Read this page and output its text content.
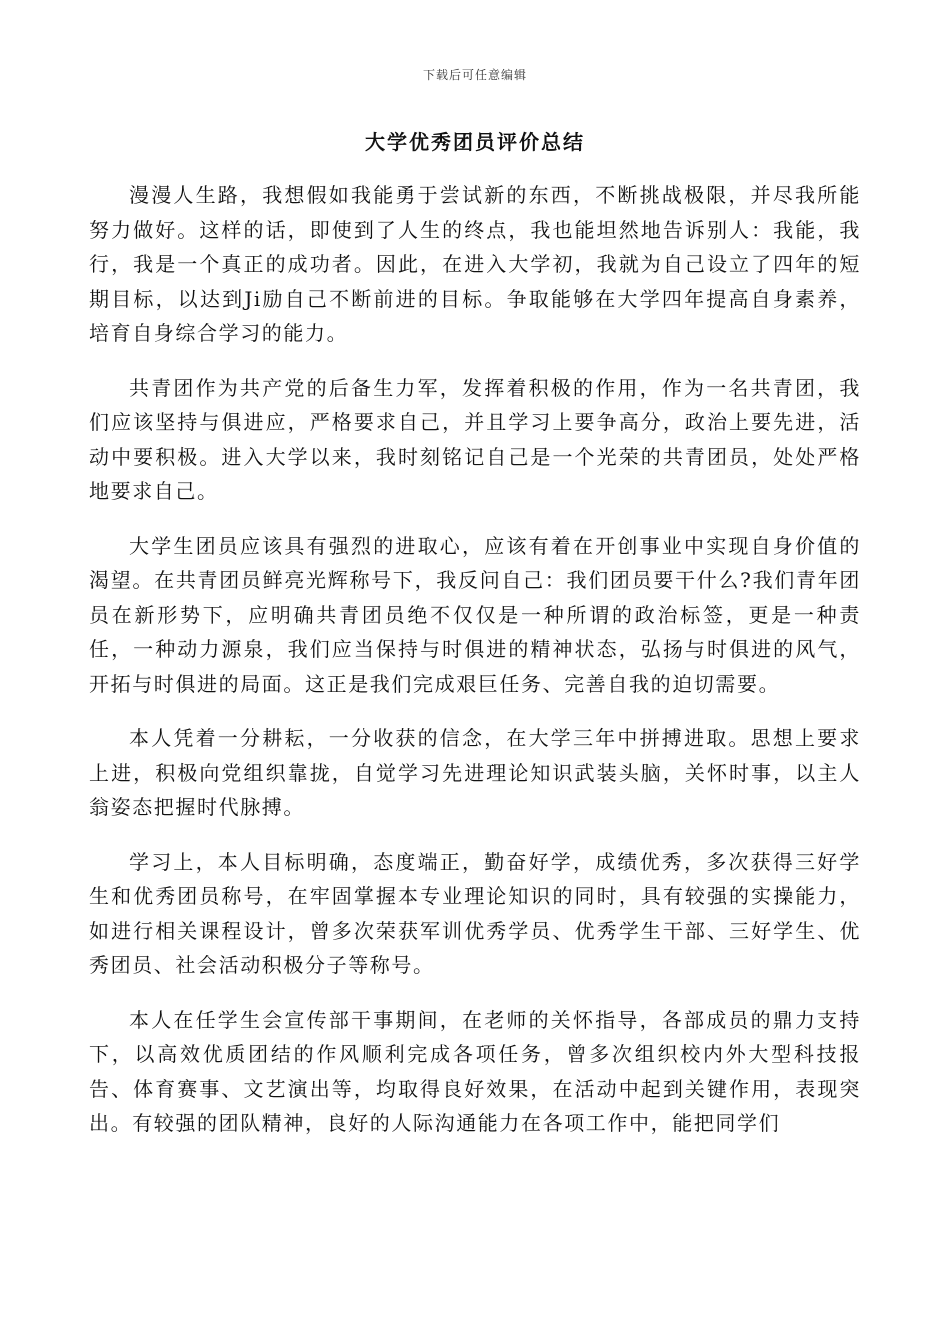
下载后可任意编辑
大学优秀团员评价总结

漫漫人生路，我想假如我能勇于尝试新的东西，不断挑战极限，并尽我所能努力做好。这样的话，即使到了人生的终点，我也能坦然地告诉别人：我能，我行，我是一个真正的成功者。因此，在进入大学初，我就为自己设立了四年的短期目标，以达到Ji励自己不断前进的目标。争取能够在大学四年提高自身素养，培育自身综合学习的能力。

共青团作为共产党的后备生力军，发挥着积极的作用，作为一名共青团，我们应该坚持与俱进应，严格要求自己，并且学习上要争高分，政治上要先进，活动中要积极。进入大学以来，我时刻铭记自己是一个光荣的共青团员，处处严格地要求自己。

大学生团员应该具有强烈的进取心，应该有着在开创事业中实现自身价值的渴望。在共青团员鲜亮光辉称号下，我反问自己：我们团员要干什么?我们青年团员在新形势下，应明确共青团员绝不仅仅是一种所谓的政治标签，更是一种责任，一种动力源泉，我们应当保持与时俱进的精神状态，弘扬与时俱进的风气，开拓与时俱进的局面。这正是我们完成艰巨任务、完善自我的迫切需要。

本人凭着一分耕耘，一分收获的信念，在大学三年中拼搏进取。思想上要求上进，积极向党组织靠拢，自觉学习先进理论知识武装头脑，关怀时事，以主人翁姿态把握时代脉搏。

学习上，本人目标明确，态度端正，勤奋好学，成绩优秀，多次获得三好学生和优秀团员称号，在牢固掌握本专业理论知识的同时，具有较强的实操能力，如进行相关课程设计，曾多次荣获军训优秀学员、优秀学生干部、三好学生、优秀团员、社会活动积极分子等称号。

本人在任学生会宣传部干事期间，在老师的关怀指导，各部成员的鼎力支持下，以高效优质团结的作风顺利完成各项任务，曾多次组织校内外大型科技报告、体育赛事、文艺演出等，均取得良好效果，在活动中起到关键作用，表现突出。有较强的团队精神，良好的人际沟通能力在各项工作中，能把同学们
